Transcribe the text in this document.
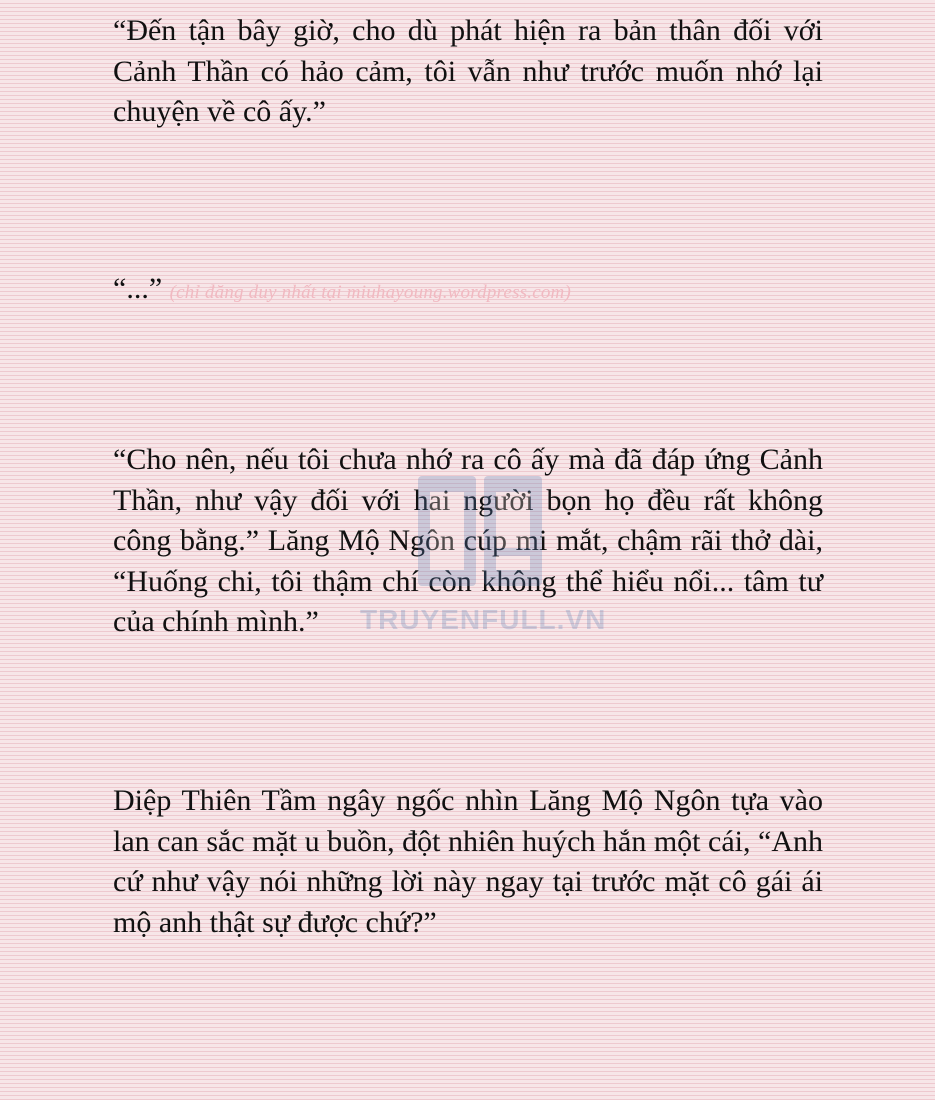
“Đến tận bây giờ, cho dù phát hiện ra bản thân đối với Cảnh Thần có hảo cảm, tôi vẫn như trước muốn nhớ lại chuyện về cô ấy.”

“...” (chỉ đăng duy nhất tại miuhayoung.wordpress.com)

“Cho nên, nếu tôi chưa nhớ ra cô ấy mà đã đáp ứng Cảnh Thần, như vậy đối với hai người bọn họ đều rất không công bằng.” Lăng Mộ Ngôn cúp mi mắt, chậm rãi thở dài, “Huống chi, tôi thậm chí còn không thể hiểu nổi... tâm tư của chính mình.”

Diệp Thiên Tầm ngây ngốc nhìn Lăng Mộ Ngôn tựa vào lan can sắc mặt u buồn, đột nhiên huých hắn một cái, “Anh cứ như vậy nói những lời này ngay tại trước mặt cô gái ái mộ anh thật sự được chứ?”

TRUYENFULL.VN
